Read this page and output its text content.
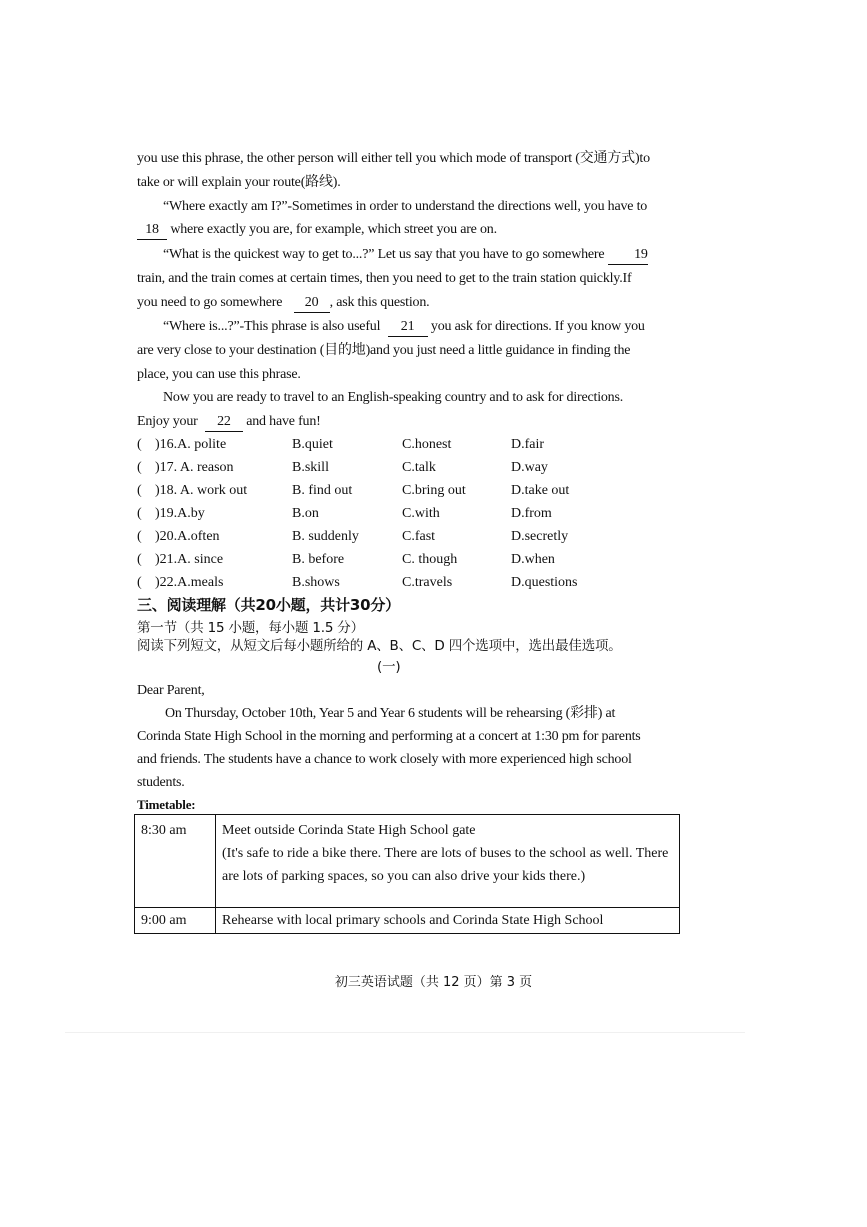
you use this phrase, the other person will either tell you which mode of transport (交通方式)to
take or will explain your route(路线).
“Where exactly am I?”-Sometimes in order to understand the directions well, you have to
18 where exactly you are, for example, which street you are on.
“What is the quickest way to get to...?” Let us say that you have to go somewhere 19
train, and the train comes at certain times, then you need to get to the train station quickly.If
you need to go somewhere 20 , ask this question.
“Where is...?”-This phrase is also useful 21 you ask for directions. If you know you
are very close to your destination (目的地)and you just need a little guidance in finding the
place, you can use this phrase.
Now you are ready to travel to an English-speaking country and to ask for directions.
Enjoy your 22 and have fun!
( )16.A. polite	B.quiet	C.honest	D.fair
( )17. A. reason	B.skill	C.talk	D.way
( )18. A. work out	B. find out	C.bring out	D.take out
( )19.A.by	B.on	C.with	D.from
( )20.A.often	B. suddenly	C.fast	D.secretly
( )21.A. since	B. before	C. though	D.when
( )22.A.meals	B.shows	C.travels	D.questions
三、阅读理解（共20小题，共计30分）
第一节（共 15 小题，每小题 1.5 分）
阅读下列短文，从短文后每小题所给的 A、B、C、D 四个选项中，选出最佳选项。
(一)
Dear Parent,
On Thursday, October 10th, Year 5 and Year 6 students will be rehearsing (彩排) at
Corinda State High School in the morning and performing at a concert at 1:30 pm for parents
and friends. The students have a chance to work closely with more experienced high school
students.
Timetable:
8:30 am	Meet outside Corinda State High School gate
(It's safe to ride a bike there. There are lots of buses to the school as well. There
are lots of parking spaces, so you can also drive your kids there.)

9:00 am	Rehearse with local primary schools and Corinda State High School
初三英语试题（共 12 页）第 3 页
